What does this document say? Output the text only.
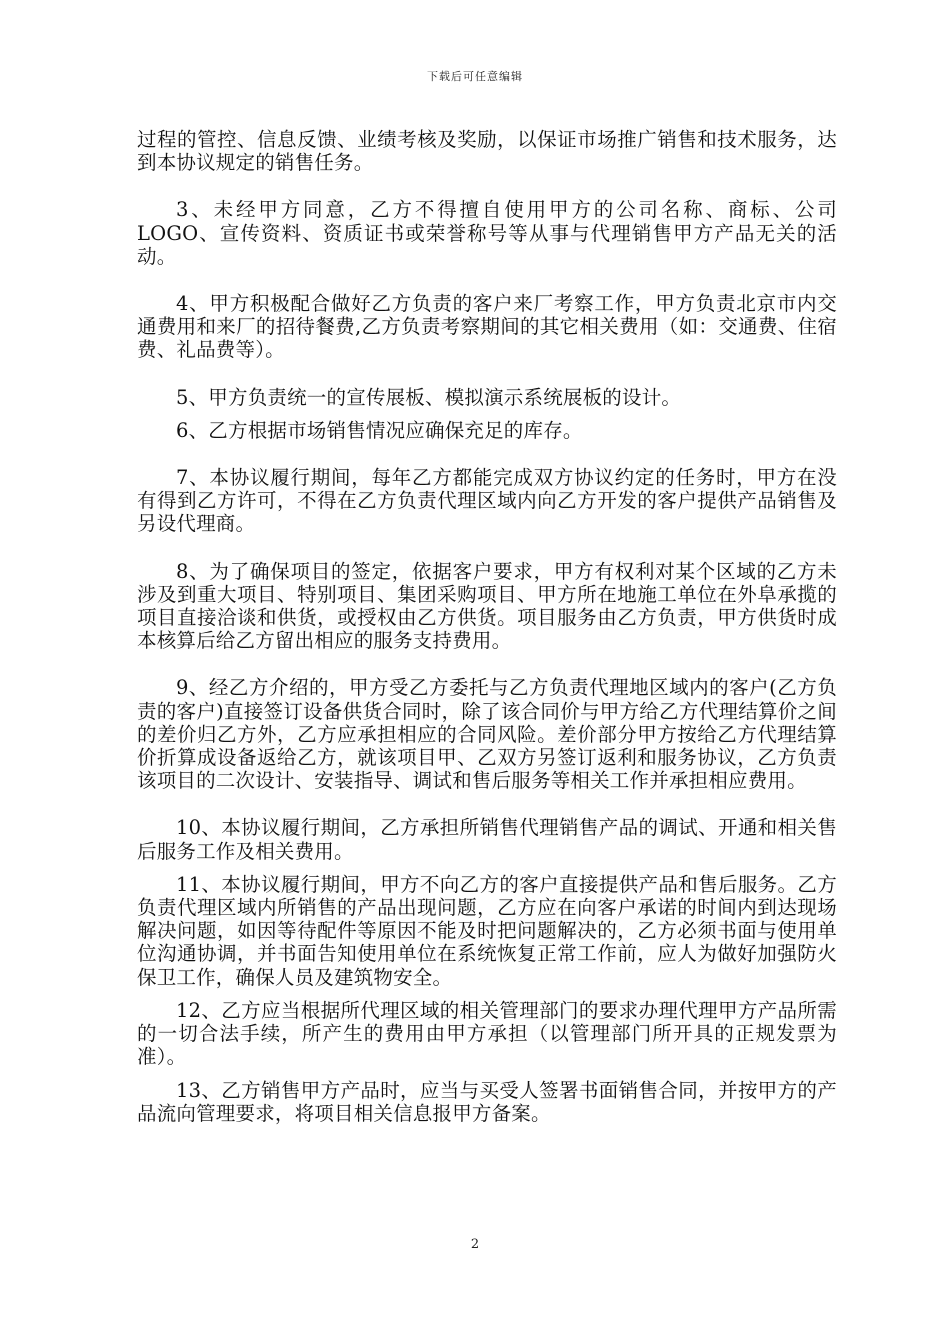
下载后可任意编辑

过程的管控、信息反馈、业绩考核及奖励，以保证市场推广销售和技术服务，达到本协议规定的销售任务。

3、未经甲方同意，乙方不得擅自使用甲方的公司名称、商标、公司LOGO、宣传资料、资质证书或荣誉称号等从事与代理销售甲方产品无关的活动。

4、甲方积极配合做好乙方负责的客户来厂考察工作，甲方负责北京市内交通费用和来厂的招待餐费,乙方负责考察期间的其它相关费用（如：交通费、住宿费、礼品费等）。

5、甲方负责统一的宣传展板、模拟演示系统展板的设计。

6、乙方根据市场销售情况应确保充足的库存。

7、本协议履行期间，每年乙方都能完成双方协议约定的任务时，甲方在没有得到乙方许可，不得在乙方负责代理区域内向乙方开发的客户提供产品销售及另设代理商。

8、为了确保项目的签定，依据客户要求，甲方有权利对某个区域的乙方未涉及到重大项目、特别项目、集团采购项目、甲方所在地施工单位在外阜承揽的项目直接洽谈和供货，或授权由乙方供货。项目服务由乙方负责，甲方供货时成本核算后给乙方留出相应的服务支持费用。

9、经乙方介绍的，甲方受乙方委托与乙方负责代理地区域内的客户(乙方负责的客户)直接签订设备供货合同时，除了该合同价与甲方给乙方代理结算价之间的差价归乙方外，乙方应承担相应的合同风险。差价部分甲方按给乙方代理结算价折算成设备返给乙方，就该项目甲、乙双方另签订返利和服务协议，乙方负责该项目的二次设计、安装指导、调试和售后服务等相关工作并承担相应费用。

10、本协议履行期间，乙方承担所销售代理销售产品的调试、开通和相关售后服务工作及相关费用。

11、本协议履行期间，甲方不向乙方的客户直接提供产品和售后服务。乙方负责代理区域内所销售的产品出现问题，乙方应在向客户承诺的时间内到达现场解决问题，如因等待配件等原因不能及时把问题解决的，乙方必须书面与使用单位沟通协调，并书面告知使用单位在系统恢复正常工作前，应人为做好加强防火保卫工作，确保人员及建筑物安全。

12、乙方应当根据所代理区域的相关管理部门的要求办理代理甲方产品所需的一切合法手续，所产生的费用由甲方承担（以管理部门所开具的正规发票为准）。

13、乙方销售甲方产品时，应当与买受人签署书面销售合同，并按甲方的产品流向管理要求，将项目相关信息报甲方备案。

2
